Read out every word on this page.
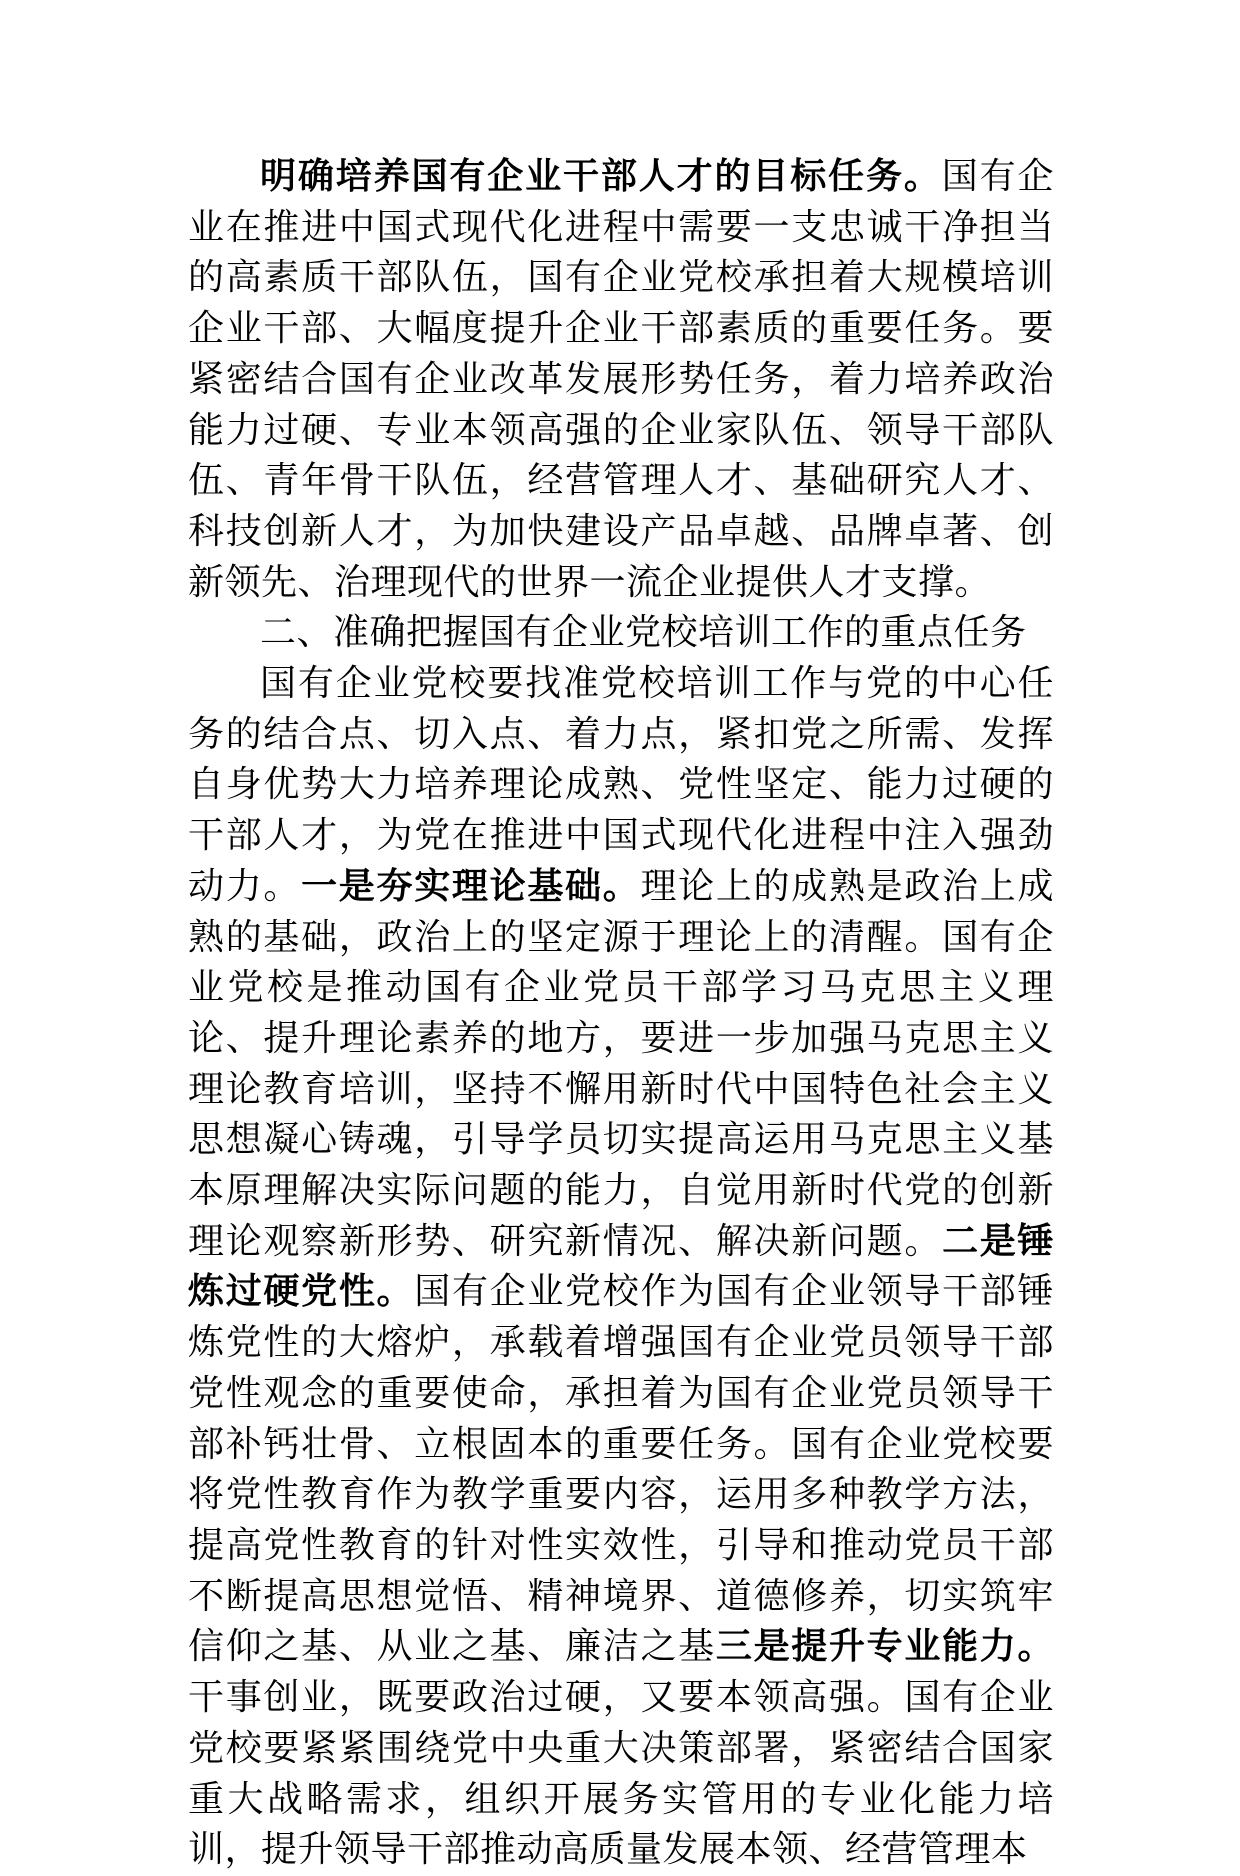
明确培养国有企业干部人才的目标任务。国有企业在推进中国式现代化进程中需要一支忠诚干净担当的高素质干部队伍，国有企业党校承担着大规模培训企业干部、大幅度提升企业干部素质的重要任务。要紧密结合国有企业改革发展形势任务，着力培养政治能力过硬、专业本领高强的企业家队伍、领导干部队伍、青年骨干队伍，经营管理人才、基础研究人才、科技创新人才，为加快建设产品卓越、品牌卓著、创新领先、治理现代的世界一流企业提供人才支撑。

二、准确把握国有企业党校培训工作的重点任务

国有企业党校要找准党校培训工作与党的中心任务的结合点、切入点、着力点，紧扣党之所需、发挥自身优势大力培养理论成熟、党性坚定、能力过硬的干部人才，为党在推进中国式现代化进程中注入强劲动力。一是夯实理论基础。理论上的成熟是政治上成熟的基础，政治上的坚定源于理论上的清醒。国有企业党校是推动国有企业党员干部学习马克思主义理论、提升理论素养的地方，要进一步加强马克思主义理论教育培训，坚持不懈用新时代中国特色社会主义思想凝心铸魂，引导学员切实提高运用马克思主义基本原理解决实际问题的能力，自觉用新时代党的创新理论观察新形势、研究新情况、解决新问题。二是锤炼过硬党性。国有企业党校作为国有企业领导干部锤炼党性的大熔炉，承载着增强国有企业党员领导干部党性观念的重要使命，承担着为国有企业党员领导干部补钙壮骨、立根固本的重要任务。国有企业党校要将党性教育作为教学重要内容，运用多种教学方法，提高党性教育的针对性实效性，引导和推动党员干部不断提高思想觉悟、精神境界、道德修养，切实筑牢信仰之基、从业之基、廉洁之基三是提升专业能力。干事创业，既要政治过硬，又要本领高强。国有企业党校要紧紧围绕党中央重大决策部署，紧密结合国家重大战略需求，组织开展务实管用的专业化能力培训，提升领导干部推动高质量发展本领、经营管理本
